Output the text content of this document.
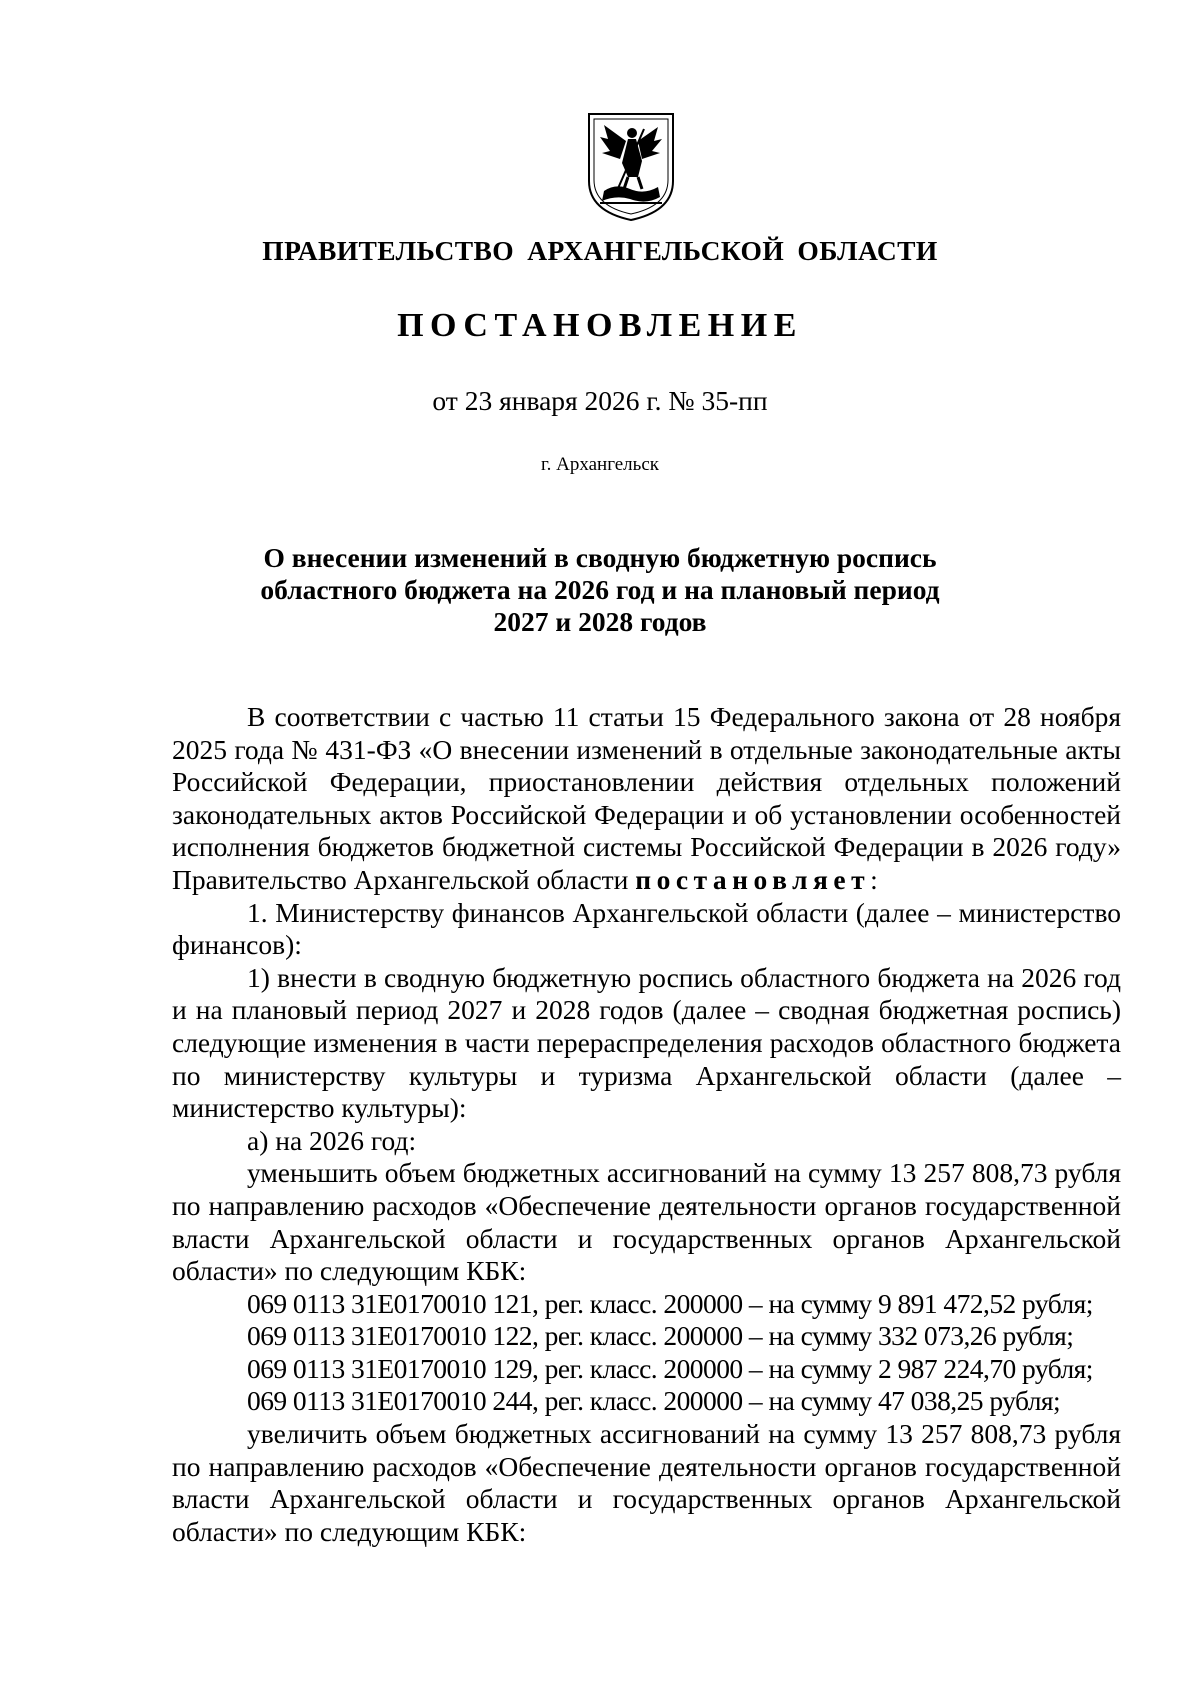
ПРАВИТЕЛЬСТВО АРХАНГЕЛЬСКОЙ ОБЛАСТИ
ПОСТАНОВЛЕНИЕ
от 23 января 2026 г. № 35-пп
г. Архангельск
О внесении изменений в сводную бюджетную роспись
областного бюджета на 2026 год и на плановый период
2027 и 2028 годов

В соответствии с частью 11 статьи 15 Федерального закона от 28 ноября 2025 года № 431-ФЗ «О внесении изменений в отдельные законодательные акты Российской Федерации, приостановлении действия отдельных положений законодательных актов Российской Федерации и об установлении особенностей исполнения бюджетов бюджетной системы Российской Федерации в 2026 году» Правительство Архангельской области постановляет:

1. Министерству финансов Архангельской области (далее – министерство финансов):

1) внести в сводную бюджетную роспись областного бюджета на 2026 год и на плановый период 2027 и 2028 годов (далее – сводная бюджетная роспись) следующие изменения в части перераспределения расходов областного бюджета по министерству культуры и туризма Архангельской области (далее – министерство культуры):

а) на 2026 год:

уменьшить объем бюджетных ассигнований на сумму 13 257 808,73 рубля по направлению расходов «Обеспечение деятельности органов государственной власти Архангельской области и государственных органов Архангельской области» по следующим КБК:

069 0113 31Е0170010 121, рег. класс. 200000 – на сумму 9 891 472,52 рубля;

069 0113 31Е0170010 122, рег. класс. 200000 – на сумму 332 073,26 рубля;

069 0113 31Е0170010 129, рег. класс. 200000 – на сумму 2 987 224,70 рубля;

069 0113 31Е0170010 244, рег. класс. 200000 – на сумму 47 038,25 рубля;

увеличить объем бюджетных ассигнований на сумму 13 257 808,73 рубля по направлению расходов «Обеспечение деятельности органов государственной власти Архангельской области и государственных органов Архангельской области» по следующим КБК:
